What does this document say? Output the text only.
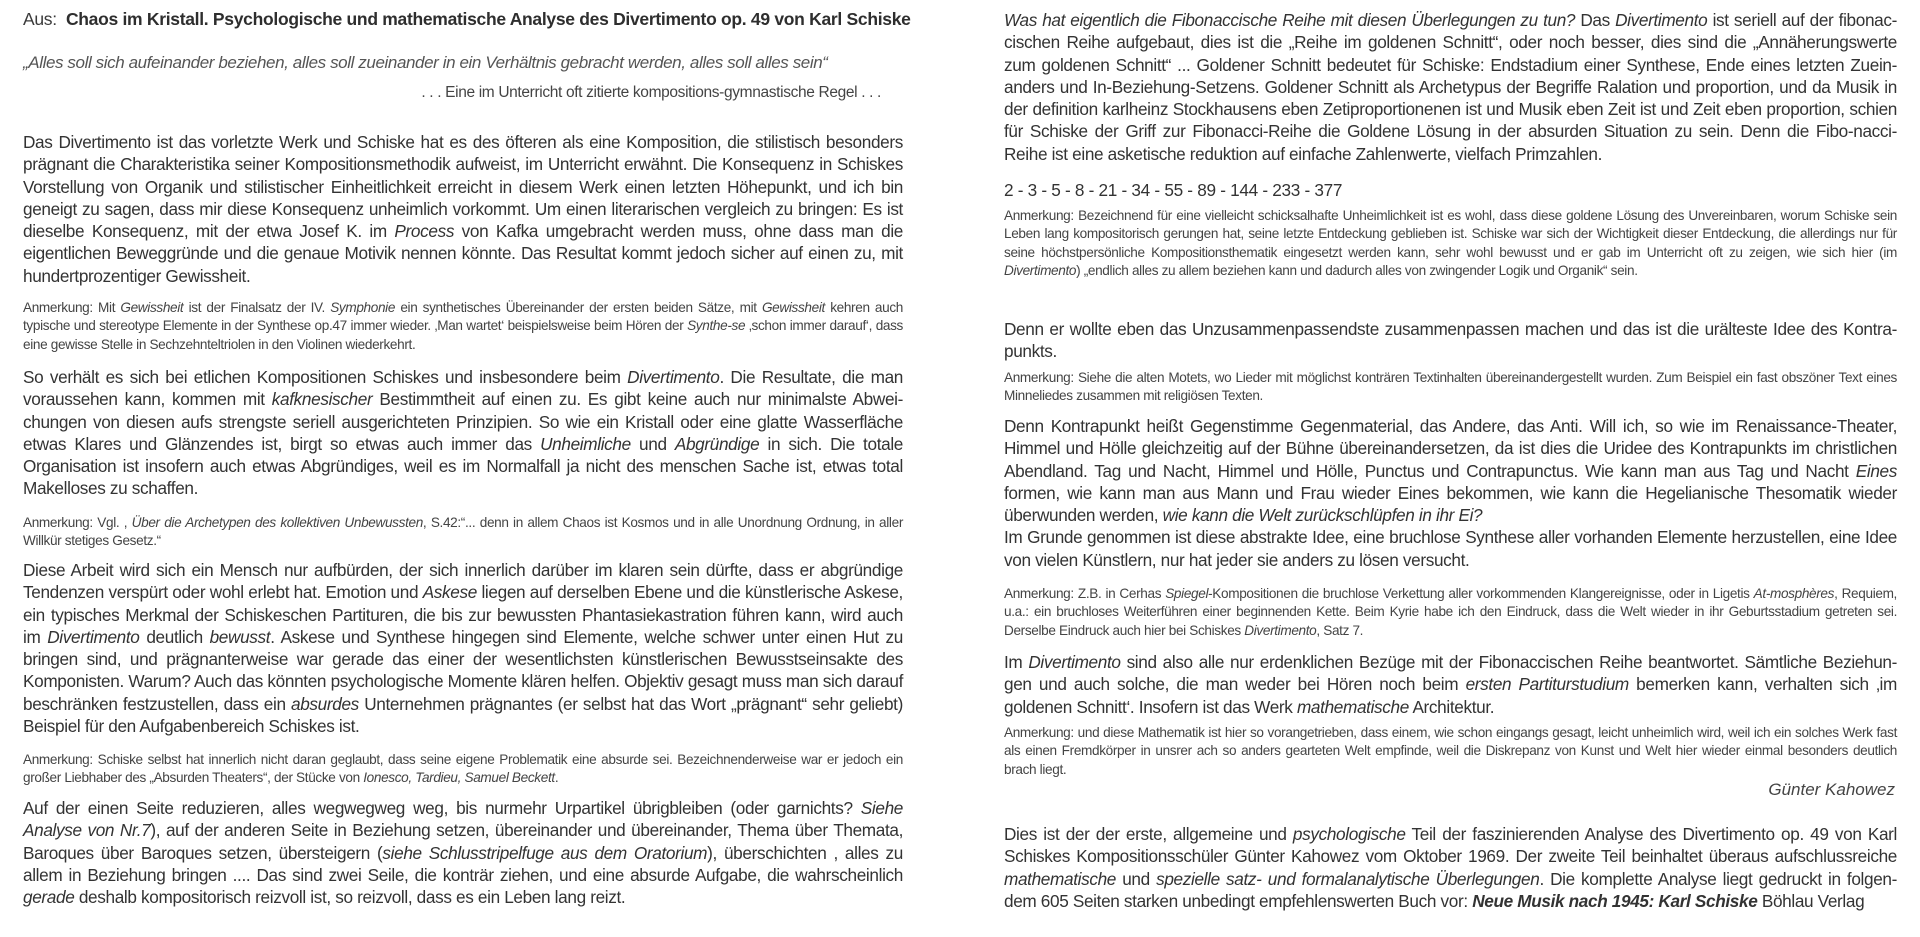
Aus: Chaos im Kristall. Psychologische und mathematische Analyse des Divertimento op. 49 von Karl Schiske
„Alles soll sich aufeinander beziehen, alles soll zueinander in ein Verhältnis gebracht werden, alles soll alles sein“
. . . Eine im Unterricht oft zitierte kompositions-gymnastische Regel . . .

Das Divertimento ist das vorletzte Werk und Schiske hat es des öfteren als eine Komposition, die stilistisch besonders prägnant die Charakteristika seiner Kompositionsmethodik aufweist, im Unterricht erwähnt. Die Konsequenz in Schiskes Vorstellung von Organik und stilistischer Einheitlichkeit erreicht in diesem Werk einen letzten Höhepunkt, und ich bin geneigt zu sagen, dass mir diese Konsequenz unheimlich vorkommt. Um einen literarischen vergleich zu bringen: Es ist dieselbe Konsequenz, mit der etwa Josef K. im Process von Kafka umgebracht werden muss, ohne dass man die eigentlichen Beweggründe und die genaue Motivik nennen könnte. Das Resultat kommt jedoch sicher auf einen zu, mit hundertprozentiger Gewissheit.

Anmerkung: Mit Gewissheit ist der Finalsatz der IV. Symphonie ein synthetisches Übereinander der ersten beiden Sätze, mit Gewissheit kehren auch typische und stereotype Elemente in der Synthese op.47 immer wieder. ‚Man wartet‘ beispielsweise beim Hören der Synthe-se ‚schon immer darauf‘, dass eine gewisse Stelle in Sechzehnteltriolen in den Violinen wiederkehrt.

So verhält es sich bei etlichen Kompositionen Schiskes und insbesondere beim Divertimento. Die Resultate, die man voraussehen kann, kommen mit kafknesischer Bestimmtheit auf einen zu. Es gibt keine auch nur minimalste Abwei-chungen von diesen aufs strengste seriell ausgerichteten Prinzipien. So wie ein Kristall oder eine glatte Wasserfläche etwas Klares und Glänzendes ist, birgt so etwas auch immer das Unheimliche und Abgründige in sich. Die totale Organisation ist insofern auch etwas Abgründiges, weil es im Normalfall ja nicht des menschen Sache ist, etwas total Makelloses zu schaffen.

Anmerkung: Vgl. , Über die Archetypen des kollektiven Unbewussten, S.42:“... denn in allem Chaos ist Kosmos und in alle Unordnung Ordnung, in aller Willkür stetiges Gesetz.“

Diese Arbeit wird sich ein Mensch nur aufbürden, der sich innerlich darüber im klaren sein dürfte, dass er abgründige Tendenzen verspürt oder wohl erlebt hat. Emotion und Askese liegen auf derselben Ebene und die künstlerische Askese, ein typisches Merkmal der Schiskeschen Partituren, die bis zur bewussten Phantasiekastration führen kann, wird auch im Divertimento deutlich bewusst. Askese und Synthese hingegen sind Elemente, welche schwer unter einen Hut zu bringen sind, und prägnanterweise war gerade das einer der wesentlichsten künstlerischen Bewusstseinsakte des Komponisten. Warum? Auch das könnten psychologische Momente klären helfen. Objektiv gesagt muss man sich darauf beschränken festzustellen, dass ein absurdes Unternehmen prägnantes (er selbst hat das Wort „prägnant“ sehr geliebt) Beispiel für den Aufgabenbereich Schiskes ist.

Anmerkung: Schiske selbst hat innerlich nicht daran geglaubt, dass seine eigene Problematik eine absurde sei. Bezeichnenderweise war er jedoch ein großer Liebhaber des „Absurden Theaters“, der Stücke von Ionesco, Tardieu, Samuel Beckett.

Auf der einen Seite reduzieren, alles wegwegweg weg, bis nurmehr Urpartikel übrigbleiben (oder garnichts? Siehe Analyse von Nr.7), auf der anderen Seite in Beziehung setzen, übereinander und übereinander, Thema über Themata, Baroques über Baroques setzen, übersteigern (siehe Schlusstripelfuge aus dem Oratorium), überschichten , alles zu allem in Beziehung bringen .... Das sind zwei Seile, die konträr ziehen, und eine absurde Aufgabe, die wahrscheinlich gerade deshalb kompositorisch reizvoll ist, so reizvoll, dass es ein Leben lang reizt.

Was hat eigentlich die Fibonaccische Reihe mit diesen Überlegungen zu tun? Das Divertimento ist seriell auf der fibonac-cischen Reihe aufgebaut, dies ist die „Reihe im goldenen Schnitt“, oder noch besser, dies sind die „Annäherungswerte zum goldenen Schnitt“ ... Goldener Schnitt bedeutet für Schiske: Endstadium einer Synthese, Ende eines letzten Zuein-anders und In-Beziehung-Setzens. Goldener Schnitt als Archetypus der Begriffe Ralation und proportion, und da Musik in der definition karlheinz Stockhausens eben Zetiproportionenen ist und Musik eben Zeit ist und Zeit eben proportion, schien für Schiske der Griff zur Fibonacci-Reihe die Goldene Lösung in der absurden Situation zu sein. Denn die Fibo-nacci-Reihe ist eine asketische reduktion auf einfache Zahlenwerte, vielfach Primzahlen.

2 - 3 - 5 - 8 - 21 - 34 - 55 - 89 - 144 - 233 - 377

Anmerkung: Bezeichnend für eine vielleicht schicksalhafte Unheimlichkeit ist es wohl, dass diese goldene Lösung des Unvereinbaren, worum Schiske sein Leben lang kompositorisch gerungen hat, seine letzte Entdeckung geblieben ist. Schiske war sich der Wichtigkeit dieser Entdeckung, die allerdings nur für seine höchstpersönliche Kompositionsthematik eingesetzt werden kann, sehr wohl bewusst und er gab im Unterricht oft zu zeigen, wie sich hier (im Divertimento) „endlich alles zu allem beziehen kann und dadurch alles von zwingender Logik und Organik“ sein.

Denn er wollte eben das Unzusammenpassendste zusammenpassen machen und das ist die urälteste Idee des Kontra-punkts.

Anmerkung: Siehe die alten Motets, wo Lieder mit möglichst konträren Textinhalten übereinandergestellt wurden. Zum Beispiel ein fast obszöner Text eines Minneliedes zusammen mit religiösen Texten.

Denn Kontrapunkt heißt Gegenstimme Gegenmaterial, das Andere, das Anti. Will ich, so wie im Renaissance-Theater, Himmel und Hölle gleichzeitig auf der Bühne übereinandersetzen, da ist dies die Uridee des Kontrapunkts im christlichen Abendland. Tag und Nacht, Himmel und Hölle, Punctus und Contrapunctus. Wie kann man aus Tag und Nacht Eines formen, wie kann man aus Mann und Frau wieder Eines bekommen, wie kann die Hegelianische Thesomatik wieder überwunden werden, wie kann die Welt zurückschlüpfen in ihr Ei?
Im Grunde genommen ist diese abstrakte Idee, eine bruchlose Synthese aller vorhanden Elemente herzustellen, eine Idee von vielen Künstlern, nur hat jeder sie anders zu lösen versucht.

Anmerkung: Z.B. in Cerhas Spiegel-Kompositionen die bruchlose Verkettung aller vorkommenden Klangereignisse, oder in Ligetis At-mosphères, Requiem, u.a.: ein bruchloses Weiterführen einer beginnenden Kette. Beim Kyrie habe ich den Eindruck, dass die Welt wieder in ihr Geburtsstadium getreten sei. Derselbe Eindruck auch hier bei Schiskes Divertimento, Satz 7.

Im Divertimento sind also alle nur erdenklichen Bezüge mit der Fibonaccischen Reihe beantwortet. Sämtliche Beziehun-gen und auch solche, die man weder bei Hören noch beim ersten Partiturstudium bemerken kann, verhalten sich ‚im goldenen Schnitt‘. Insofern ist das Werk mathematische Architektur.

Anmerkung: und diese Mathematik ist hier so vorangetrieben, dass einem, wie schon eingangs gesagt, leicht unheimlich wird, weil ich ein solches Werk fast als einen Fremdkörper in unsrer ach so anders gearteten Welt empfinde, weil die Diskrepanz von Kunst und Welt hier wieder einmal besonders deutlich brach liegt.

Günter Kahowez

Dies ist der der erste, allgemeine und psychologische Teil der faszinierenden Analyse des Divertimento op. 49 von Karl Schiskes Kompositionsschüler Günter Kahowez vom Oktober 1969. Der zweite Teil beinhaltet überaus aufschlussreiche mathematische und spezielle satz- und formalanalytische Überlegungen. Die komplette Analyse liegt gedruckt in folgen-dem 605 Seiten starken unbedingt empfehlenswerten Buch vor: Neue Musik nach 1945: Karl Schiske Böhlau Verlag
